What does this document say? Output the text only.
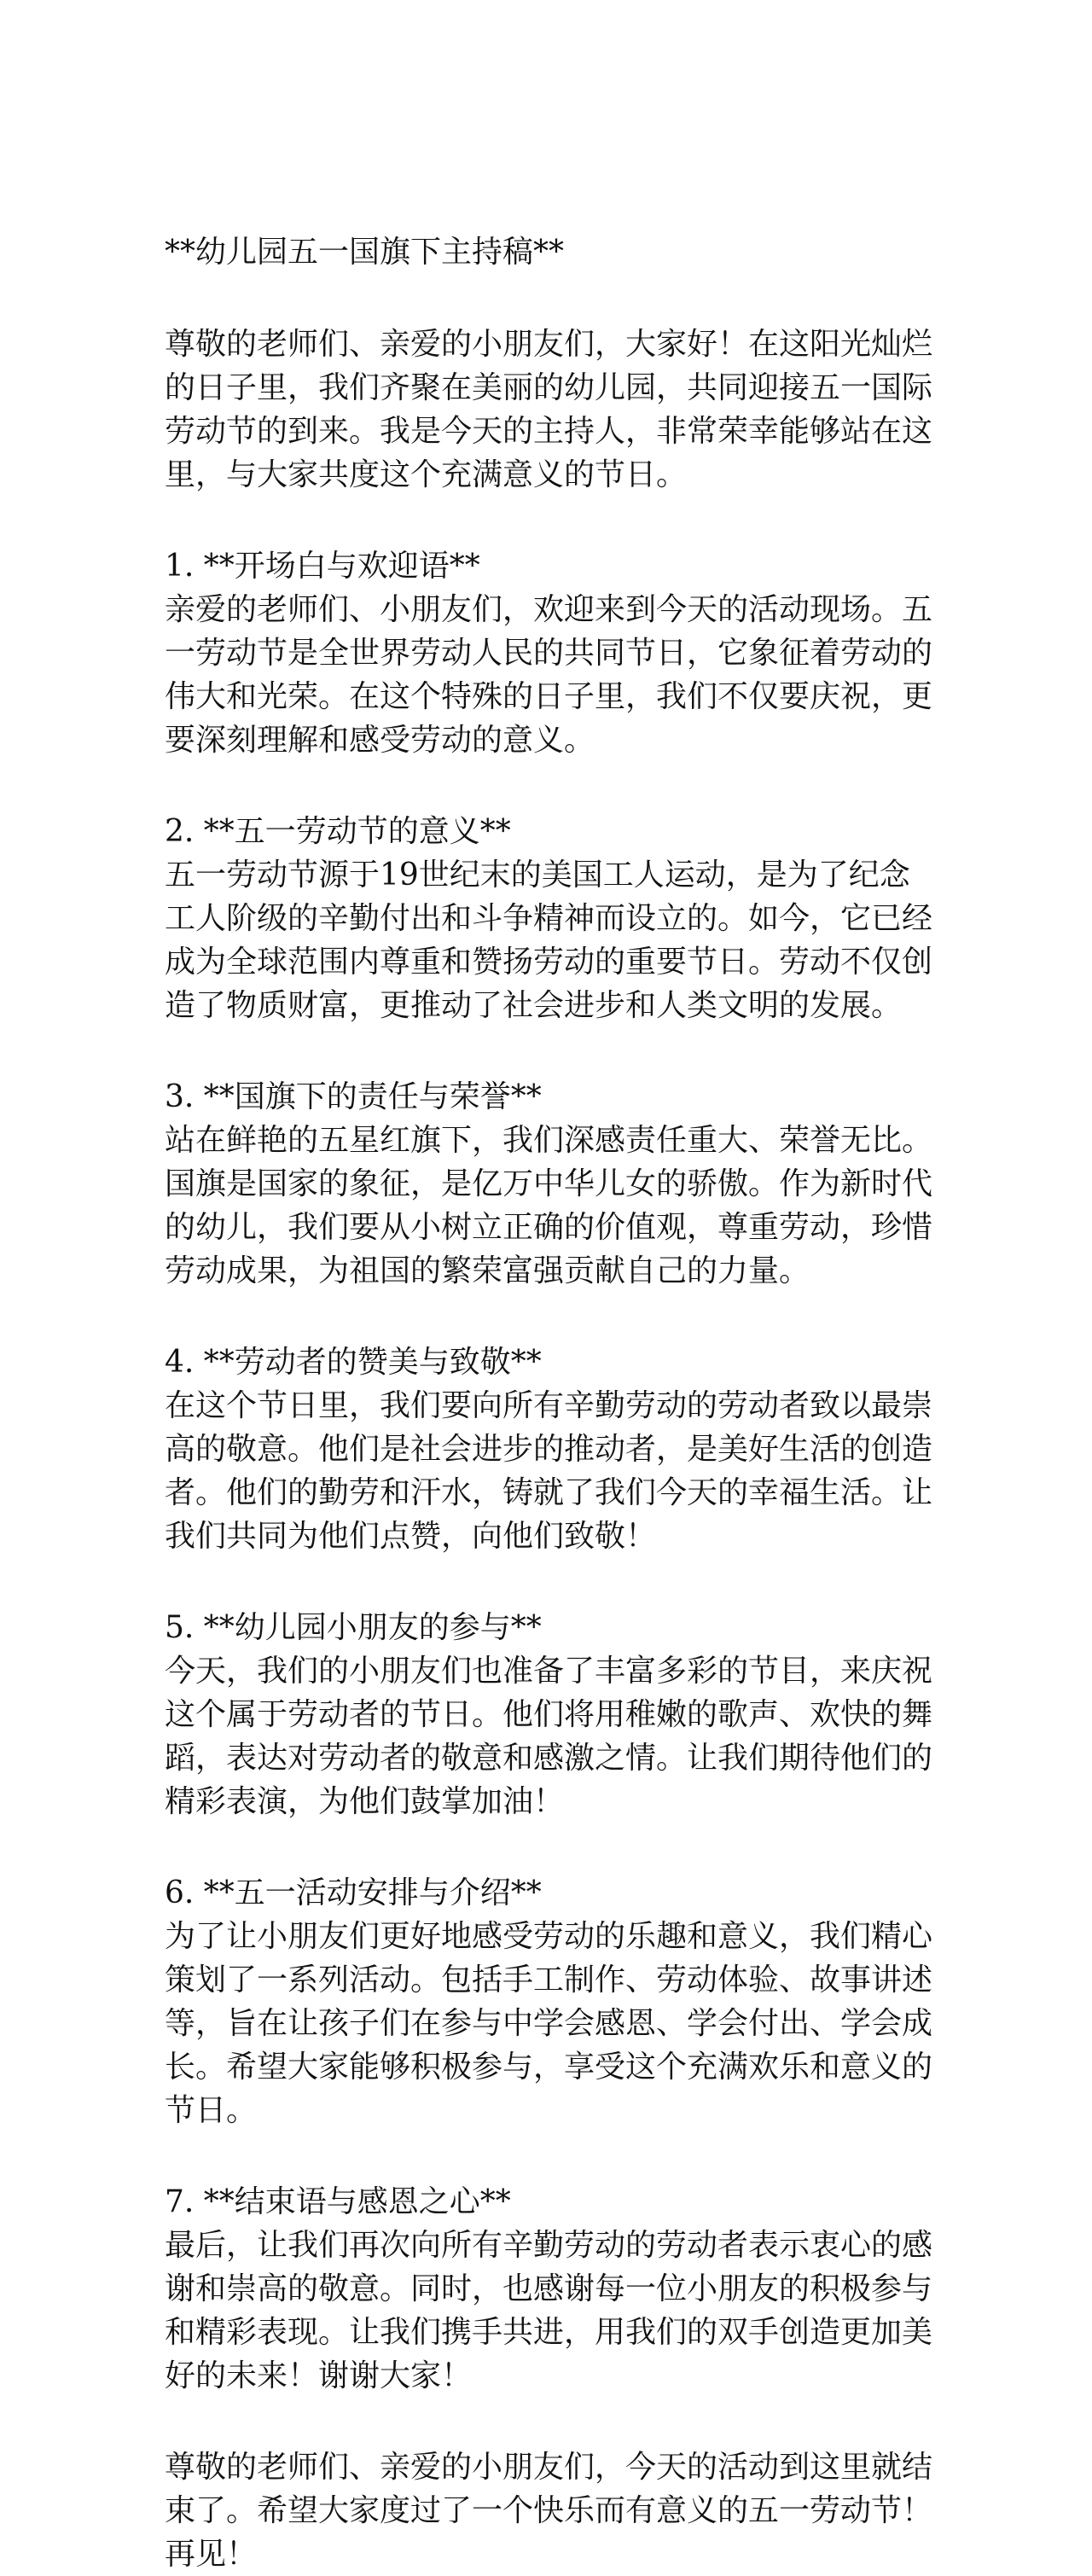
**幼儿园五一国旗下主持稿**

尊敬的老师们、亲爱的小朋友们，大家好！在这阳光灿烂的日子里，我们齐聚在美丽的幼儿园，共同迎接五一国际劳动节的到来。我是今天的主持人，非常荣幸能够站在这里，与大家共度这个充满意义的节日。

1. **开场白与欢迎语**

亲爱的老师们、小朋友们，欢迎来到今天的活动现场。五一劳动节是全世界劳动人民的共同节日，它象征着劳动的伟大和光荣。在这个特殊的日子里，我们不仅要庆祝，更要深刻理解和感受劳动的意义。

2. **五一劳动节的意义**

五一劳动节源于19世纪末的美国工人运动，是为了纪念工人阶级的辛勤付出和斗争精神而设立的。如今，它已经成为全球范围内尊重和赞扬劳动的重要节日。劳动不仅创造了物质财富，更推动了社会进步和人类文明的发展。

3. **国旗下的责任与荣誉**

站在鲜艳的五星红旗下，我们深感责任重大、荣誉无比。国旗是国家的象征，是亿万中华儿女的骄傲。作为新时代的幼儿，我们要从小树立正确的价值观，尊重劳动，珍惜劳动成果，为祖国的繁荣富强贡献自己的力量。

4. **劳动者的赞美与致敬**

在这个节日里，我们要向所有辛勤劳动的劳动者致以最崇高的敬意。他们是社会进步的推动者，是美好生活的创造者。他们的勤劳和汗水，铸就了我们今天的幸福生活。让我们共同为他们点赞，向他们致敬！

5. **幼儿园小朋友的参与**

今天，我们的小朋友们也准备了丰富多彩的节目，来庆祝这个属于劳动者的节日。他们将用稚嫩的歌声、欢快的舞蹈，表达对劳动者的敬意和感激之情。让我们期待他们的精彩表演，为他们鼓掌加油！

6. **五一活动安排与介绍**

为了让小朋友们更好地感受劳动的乐趣和意义，我们精心策划了一系列活动。包括手工制作、劳动体验、故事讲述等，旨在让孩子们在参与中学会感恩、学会付出、学会成长。希望大家能够积极参与，享受这个充满欢乐和意义的节日。

7. **结束语与感恩之心**

最后，让我们再次向所有辛勤劳动的劳动者表示衷心的感谢和崇高的敬意。同时，也感谢每一位小朋友的积极参与和精彩表现。让我们携手共进，用我们的双手创造更加美好的未来！谢谢大家！

尊敬的老师们、亲爱的小朋友们，今天的活动到这里就结束了。希望大家度过了一个快乐而有意义的五一劳动节！再见！
